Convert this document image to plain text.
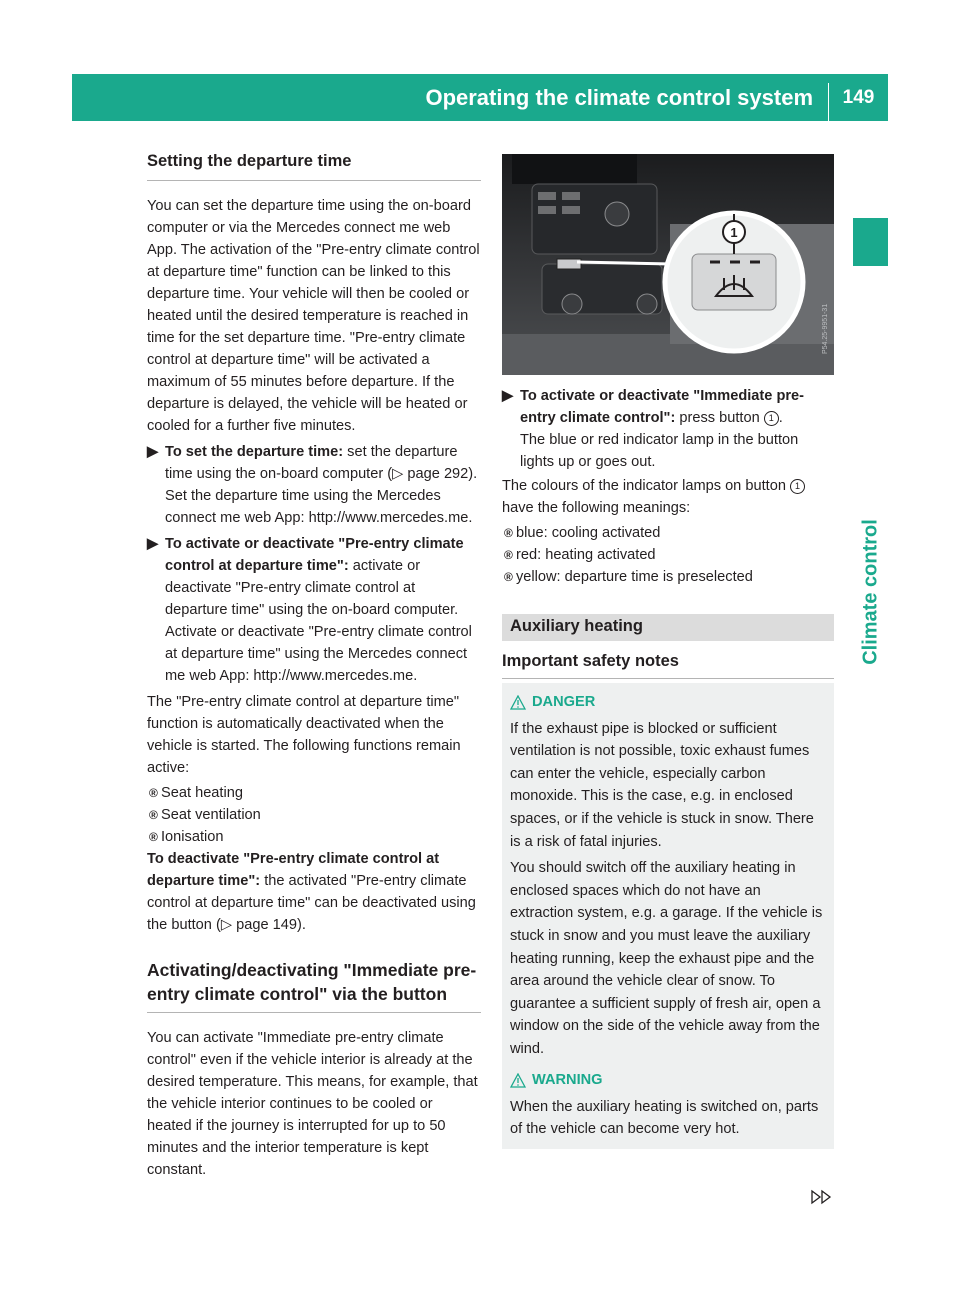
Operating the climate control system	149
Climate control
Setting the departure time

You can set the departure time using the on-board computer or via the Mercedes connect me web App. The activation of the "Pre-entry climate control at departure time" function can be linked to this departure time. Your vehicle will then be cooled or heated until the desired temperature is reached in time for the set departure time. "Pre-entry climate control at departure time" will be activated a maximum of 55 minutes before departure. If the departure is delayed, the vehicle will be heated or cooled for a further five minutes.

▶ To set the departure time: set the departure time using the on-board computer (▷ page 292). Set the departure time using the Mercedes connect me web App: http://www.mercedes.me.
▶ To activate or deactivate "Pre-entry climate control at departure time": activate or deactivate "Pre-entry climate control at departure time" using the on-board computer. Activate or deactivate "Pre-entry climate control at departure time" using the Mercedes connect me web App: http://www.mercedes.me.

The "Pre-entry climate control at departure time" function is automatically deactivated when the vehicle is started. The following functions remain active:

® Seat heating
® Seat ventilation
® Ionisation

To deactivate "Pre-entry climate control at departure time": the activated "Pre-entry climate control at departure time" can be deactivated using the button (▷ page 149).

Activating/deactivating "Immediate pre-entry climate control" via the button

You can activate "Immediate pre-entry climate control" even if the vehicle interior is already at the desired temperature. This means, for example, that the vehicle interior continues to be cooled or heated if the journey is interrupted for up to 50 minutes and the interior temperature is kept constant.

1
P54.25-9951-31
▶ To activate or deactivate "Immediate pre-entry climate control": press button 1 .
The blue or red indicator lamp in the button lights up or goes out.

The colours of the indicator lamps on button 1 have the following meanings:

® blue: cooling activated
® red: heating activated
® yellow: departure time is preselected
Auxiliary heating
Important safety notes
DANGER

If the exhaust pipe is blocked or sufficient ventilation is not possible, toxic exhaust fumes can enter the vehicle, especially carbon monoxide. This is the case, e.g. in enclosed spaces, or if the vehicle is stuck in snow. There is a risk of fatal injuries.

You should switch off the auxiliary heating in enclosed spaces which do not have an extraction system, e.g. a garage. If the vehicle is stuck in snow and you must leave the auxiliary heating running, keep the exhaust pipe and the area around the vehicle clear of snow. To guarantee a sufficient supply of fresh air, open a window on the side of the vehicle away from the wind.

WARNING

When the auxiliary heating is switched on, parts of the vehicle can become very hot.
